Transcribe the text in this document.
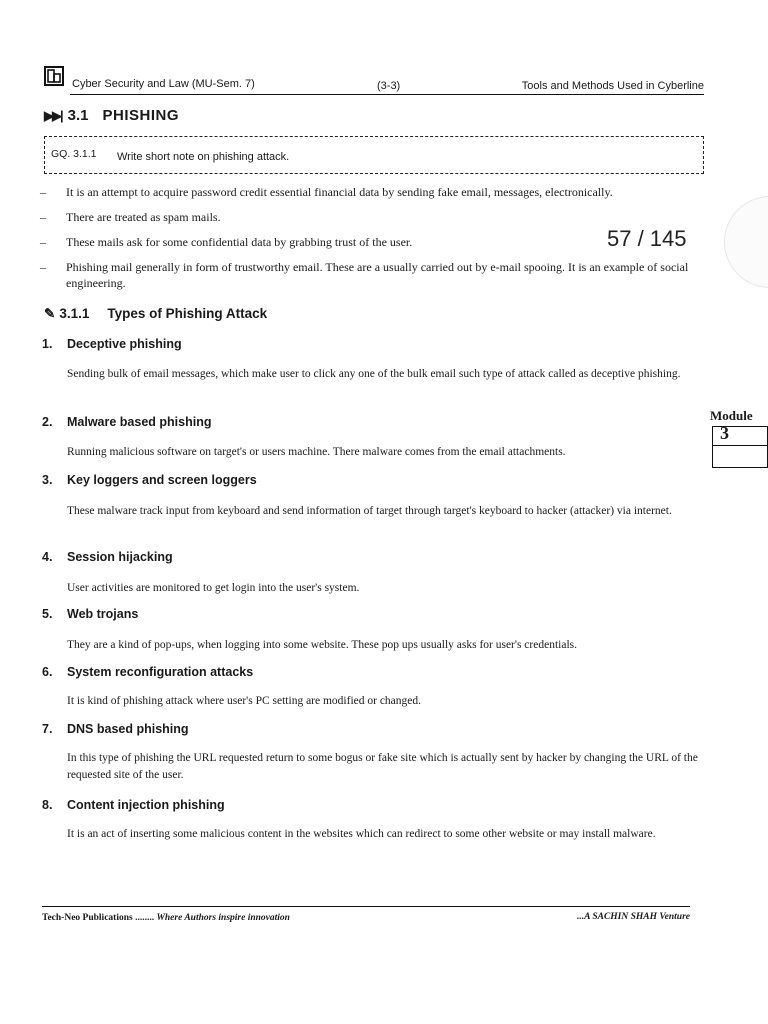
Cyber Security and Law (MU-Sem. 7)	(3-3)	Tools and Methods Used in Cyberline
▶▶| 3.1 PHISHING
GQ. 3.1.1 Write short note on phishing attack.
– It is an attempt to acquire password credit essential financial data by sending fake email, messages, electronically.
– There are treated as spam mails.
– These mails ask for some confidential data by grabbing trust of the user.
– Phishing mail generally in form of trustworthy email. These are a usually carried out by e-mail spooing. It is an example of social engineering.
57 / 145
✎ 3.1.1 Types of Phishing Attack
1. Deceptive phishing
Sending bulk of email messages, which make user to click any one of the bulk email such type of attack called as deceptive phishing.
2. Malware based phishing
Running malicious software on target's or users machine. There malware comes from the email attachments.
3. Key loggers and screen loggers
These malware track input from keyboard and send information of target through target's keyboard to hacker (attacker) via internet.
4. Session hijacking
User activities are monitored to get login into the user's system.
5. Web trojans
They are a kind of pop-ups, when logging into some website. These pop ups usually asks for user's credentials.
6. System reconfiguration attacks
It is kind of phishing attack where user's PC setting are modified or changed.
7. DNS based phishing
In this type of phishing the URL requested return to some bogus or fake site which is actually sent by hacker by changing the URL of the requested site of the user.
8. Content injection phishing
It is an act of inserting some malicious content in the websites which can redirect to some other website or may install malware.
Module
3
Tech-Neo Publications ........ Where Authors inspire innovation	...A SACHIN SHAH Venture
